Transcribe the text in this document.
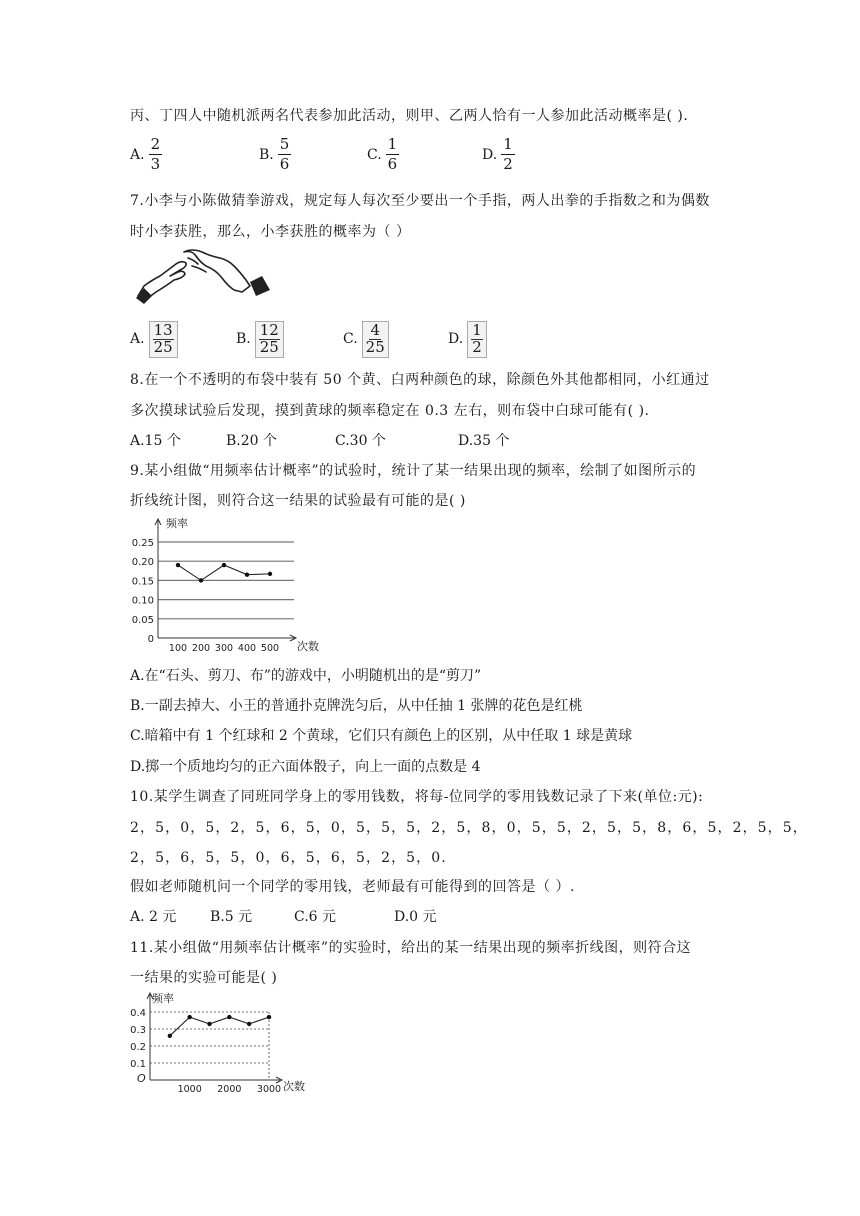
丙、丁四人中随机派两名代表参加此活动，则甲、乙两人恰有一人参加此活动概率是( ).
A. $\frac{2}{3}$	B. $\frac{5}{6}$	C. $\frac{1}{6}$	D. $\frac{1}{2}$
7.小李与小陈做猜拳游戏，规定每人每次至少要出一个手指，两人出拳的手指数之和为偶数
时小李获胜，那么，小李获胜的概率为（ ）
A. $\frac{13}{25}$	B. $\frac{12}{25}$	C. $\frac{4}{25}$	D. $\frac{1}{2}$
8.在一个不透明的布袋中装有 50 个黄、白两种颜色的球，除颜色外其他都相同，小红通过
多次摸球试验后发现，摸到黄球的频率稳定在 0.3 左右，则布袋中白球可能有( ).
A.15 个	B.20 个	C.30 个	D.35 个
9.某小组做“用频率估计概率”的试验时，统计了某一结果出现的频率，绘制了如图所示的
折线统计图，则符合这一结果的试验最有可能的是( )
0
0.05
0.10
0.15
0.20
0.25
频率
次数
100 200 300 400 500
A.在“石头、剪刀、布”的游戏中，小明随机出的是“剪刀”
B.一副去掉大、小王的普通扑克牌洗匀后，从中任抽 1 张牌的花色是红桃
C.暗箱中有 1 个红球和 2 个黄球，它们只有颜色上的区别，从中任取 1 球是黄球
D.掷一个质地均匀的正六面体骰子，向上一面的点数是 4
10.某学生调查了同班同学身上的零用钱数，将每-位同学的零用钱数记录了下来(单位:元):
2，5，0，5，2，5，6，5，0，5，5，5，2，5，8，0，5，5，2，5，5，8，6，5，2，5，5，
2，5，6，5，5，0，6，5，6，5，2，5，0.
假如老师随机问一个同学的零用钱，老师最有可能得到的回答是（ ）.
A. 2 元 B.5 元	C.6 元	D.0 元
11.某小组做“用频率估计概率”的实验时，给出的某一结果出现的频率折线图，则符合这
一结果的实验可能是( )
0.1
0.2
0.3
0.4
O
频率
次数
1000 2000 3000
